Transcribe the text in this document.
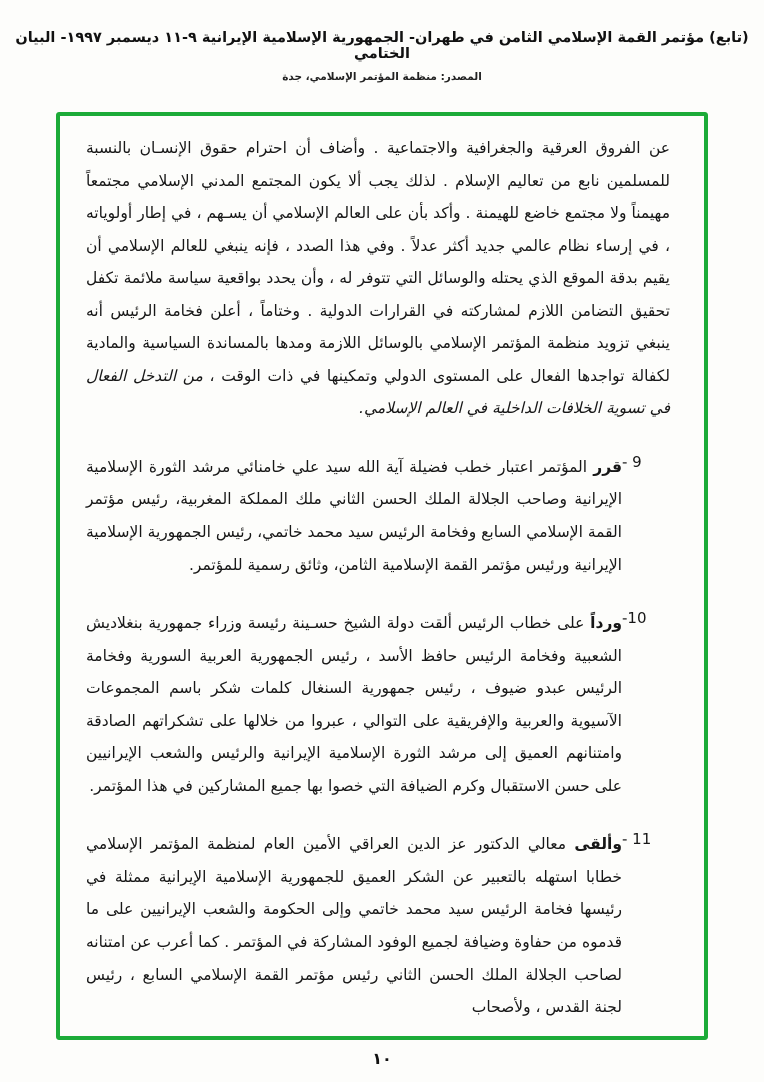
(تابع) مؤتمر القمة الإسلامي الثامن في طهران- الجمهورية الإسلامية الإيرانية ٩-١١ ديسمبر ١٩٩٧- البيان الختامي
المصدر: منظمة المؤتمر الإسلامي، جدة

عن الفروق العرقية والجغرافية والاجتماعية . وأضاف أن احترام حقوق الإنسـان بالنسبة للمسلمين نابع من تعاليم الإسلام . لذلك يجب ألا يكون المجتمع المدني الإسلامي مجتمعاً مهيمناً ولا مجتمع خاضع للهيمنة . وأكد بأن على العالم الإسلامي أن يسـهم ، في إطار أولوياته ، في إرساء نظام عالمي جديد أكثر عدلاً . وفي هذا الصدد ، فإنه ينبغي للعالم الإسلامي أن يقيم بدقة الموقع الذي يحتله والوسائل التي تتوفر له ، وأن يحدد بواقعية سياسة ملائمة تكفل تحقيق التضامن اللازم لمشاركته في القرارات الدولية . وختاماً ، أعلن فخامة الرئيس أنه ينبغي تزويد منظمة المؤتمر الإسلامي بالوسائل اللازمة ومدها بالمساندة السياسية والمادية لكفالة تواجدها الفعال على المستوى الدولي وتمكينها في ذات الوقت ، من التدخل الفعال في تسوية الخلافات الداخلية في العالم الإسلامي.

- 9
قرر المؤتمر اعتبار خطب فضيلة آية الله سيد علي خامنائي مرشد الثورة الإسلامية الإيرانية وصاحب الجلالة الملك الحسن الثاني ملك المملكة المغربية، رئيس مؤتمر القمة الإسلامي السابع وفخامة الرئيس سيد محمد خاتمي، رئيس الجمهورية الإسلامية الإيرانية ورئيس مؤتمر القمة الإسلامية الثامن، وثائق رسمية للمؤتمر.
-10
ورداً على خطاب الرئيس ألقت دولة الشيخ حسـينة رئيسة وزراء جمهورية بنغلاديش الشعبية وفخامة الرئيس حافظ الأسد ، رئيس الجمهورية العربية السورية وفخامة الرئيس عبدو ضيوف ، رئيس جمهورية السنغال كلمات شكر باسم المجموعات الآسيوية والعربية والإفريقية على التوالي ، عبروا من خلالها على تشكراتهم الصادقة وامتنانهم العميق إلى مرشد الثورة الإسلامية الإيرانية والرئيس والشعب الإيرانيين على حسن الاستقبال وكرم الضيافة التي خصوا بها جميع المشاركين في هذا المؤتمر.
- 11
وألقى معالي الدكتور عز الدين العراقي الأمين العام لمنظمة المؤتمر الإسلامي خطابا استهله بالتعبير عن الشكر العميق للجمهورية الإسلامية الإيرانية ممثلة في رئيسها فخامة الرئيس سيد محمد خاتمي وإلى الحكومة والشعب الإيرانيين على ما قدموه من حفاوة وضيافة لجميع الوفود المشاركة في المؤتمر . كما أعرب عن امتنانه لصاحب الجلالة الملك الحسن الثاني رئيس مؤتمر القمة الإسلامي السابع ، رئيس لجنة القدس ، ولأصحاب
١٠
